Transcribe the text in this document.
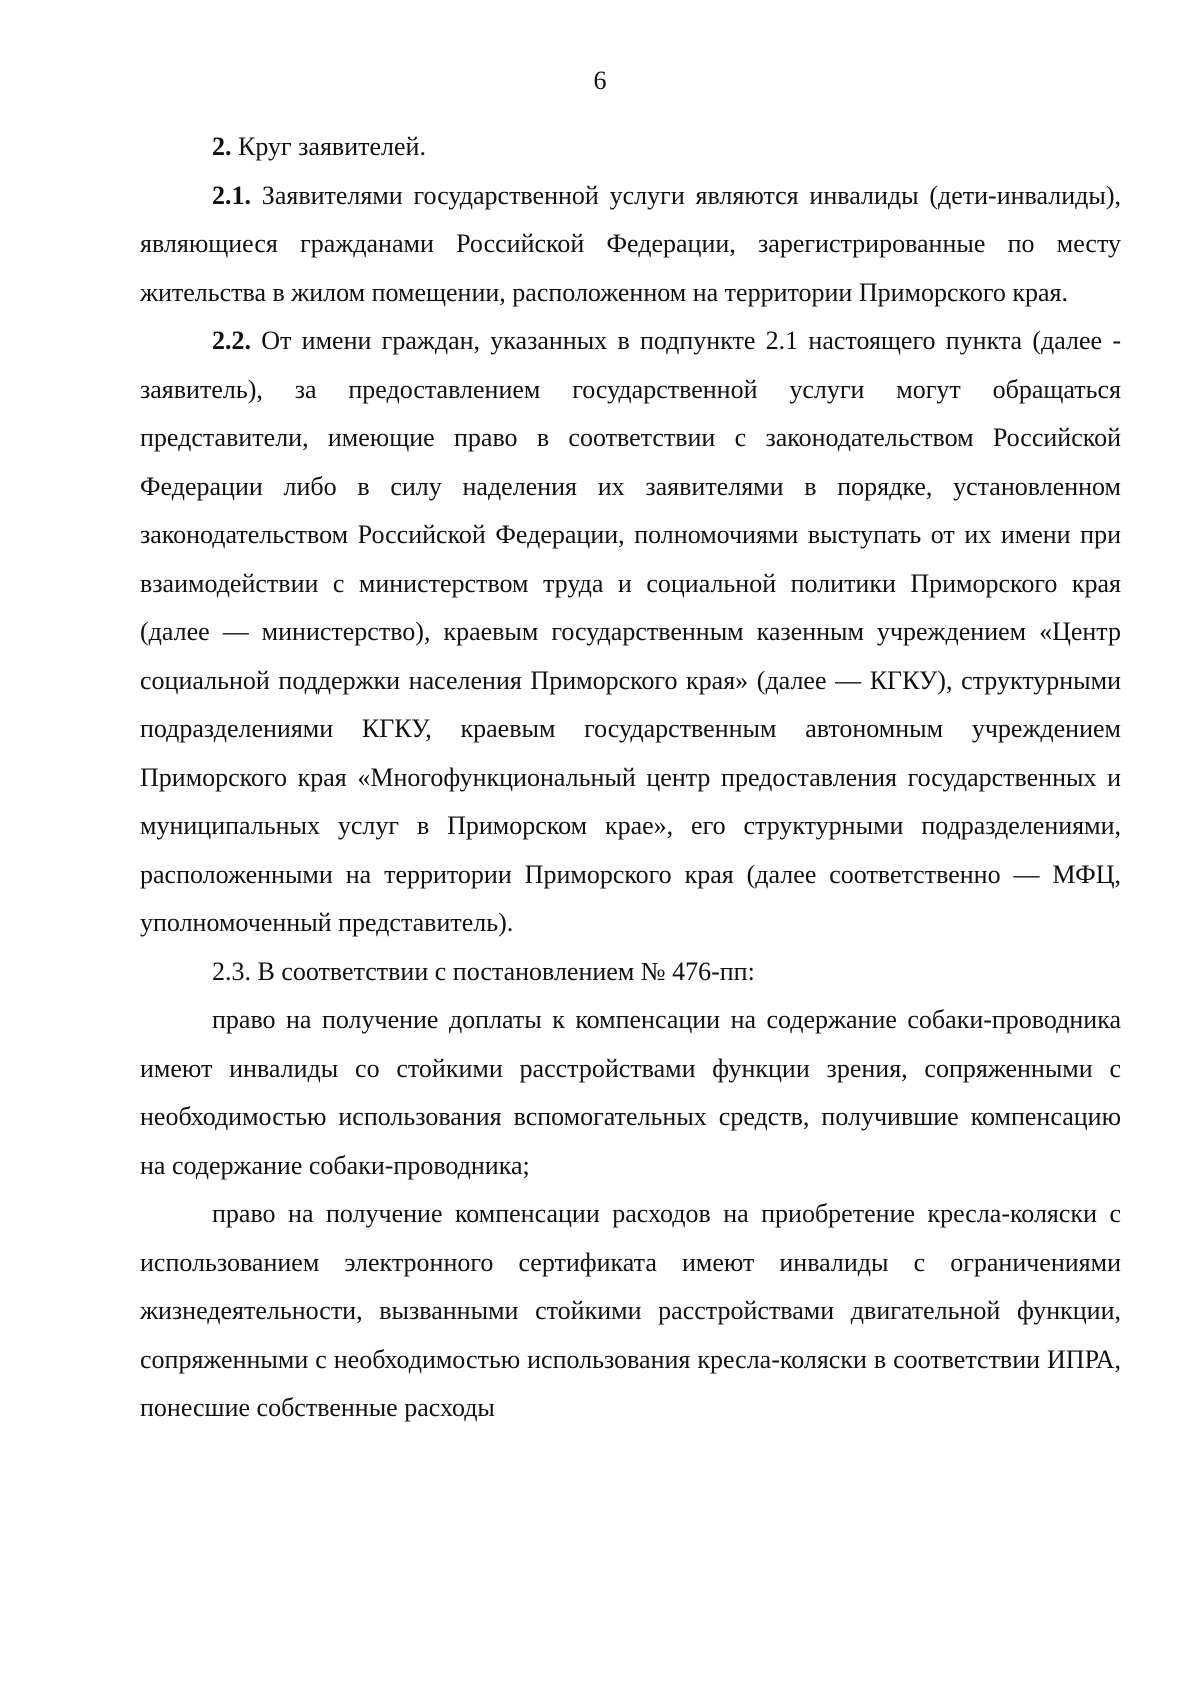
6

2. Круг заявителей.

2.1. Заявителями государственной услуги являются инвалиды (дети-инвалиды), являющиеся гражданами Российской Федерации, зарегистрированные по месту жительства в жилом помещении, расположенном на территории Приморского края.

2.2. От имени граждан, указанных в подпункте 2.1 настоящего пункта (далее - заявитель), за предоставлением государственной услуги могут обращаться представители, имеющие право в соответствии с законодательством Российской Федерации либо в силу наделения их заявителями в порядке, установленном законодательством Российской Федерации, полномочиями выступать от их имени при взаимодействии с министерством труда и социальной политики Приморского края (далее — министерство), краевым государственным казенным учреждением «Центр социальной поддержки населения Приморского края» (далее — КГКУ), структурными подразделениями КГКУ, краевым государственным автономным учреждением Приморского края «Многофункциональный центр предоставления государственных и муниципальных услуг в Приморском крае», его структурными подразделениями, расположенными на территории Приморского края (далее соответственно — МФЦ, уполномоченный представитель).

2.3. В соответствии с постановлением № 476-пп:

право на получение доплаты к компенсации на содержание собаки-проводника имеют инвалиды со стойкими расстройствами функции зрения, сопряженными с необходимостью использования вспомогательных средств, получившие компенсацию на содержание собаки-проводника;

право на получение компенсации расходов на приобретение кресла-коляски с использованием электронного сертификата имеют инвалиды с ограничениями жизнедеятельности, вызванными стойкими расстройствами двигательной функции, сопряженными с необходимостью использования кресла-коляски в соответствии ИПРА, понесшие собственные расходы
